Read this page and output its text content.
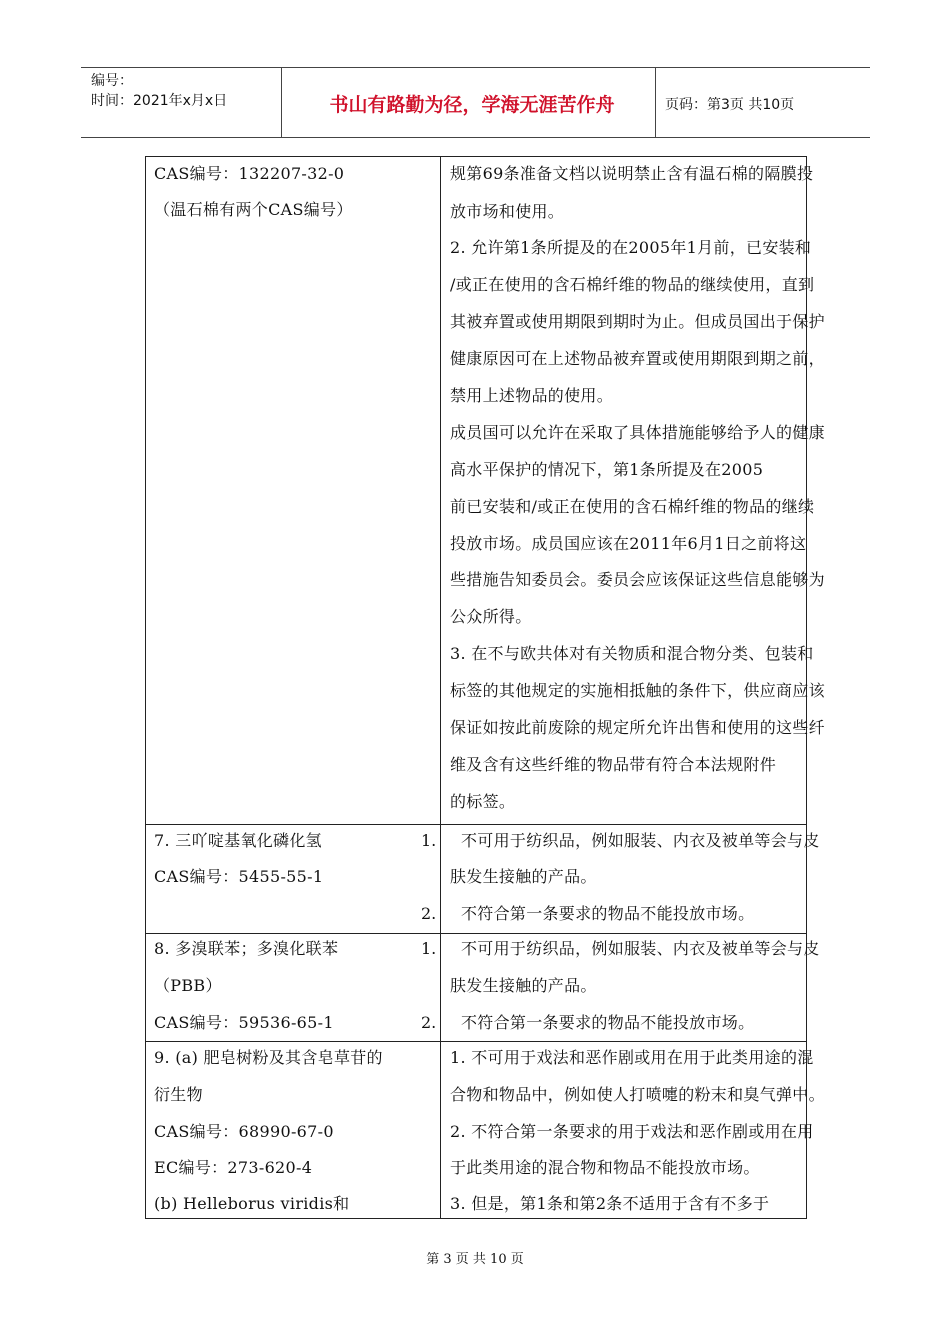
编号：
时间：2021年x月x日	书山有路勤为径，学海无涯苦作舟	页码：第3页 共10页
CAS编号：132207-32-0
（温石棉有两个CAS编号）
规第69条准备文档以说明禁止含有温石棉的隔膜投
放市场和使用。
2. 允许第1条所提及的在2005年1月前，已安装和
/或正在使用的含石棉纤维的物品的继续使用，直到
其被弃置或使用期限到期时为止。但成员国出于保护
健康原因可在上述物品被弃置或使用期限到期之前，
禁用上述物品的使用。
成员国可以允许在采取了具体措施能够给予人的健康
高水平保护的情况下，第1条所提及在2005
前已安装和/或正在使用的含石棉纤维的物品的继续
投放市场。成员国应该在2011年6月1日之前将这
些措施告知委员会。委员会应该保证这些信息能够为
公众所得。
3. 在不与欧共体对有关物质和混合物分类、包装和
标签的其他规定的实施相抵触的条件下，供应商应该
保证如按此前废除的规定所允许出售和使用的这些纤
维及含有这些纤维的物品带有符合本法规附件
的标签。
7. 三吖啶基氧化磷化氢
CAS编号：5455-55-1
1.
2.
不可用于纺织品，例如服装、内衣及被单等会与皮
肤发生接触的产品。
不符合第一条要求的物品不能投放市场。
8. 多溴联苯；多溴化联苯
（PBB）
CAS编号：59536-65-1
1.
2.
不可用于纺织品，例如服装、内衣及被单等会与皮
肤发生接触的产品。
不符合第一条要求的物品不能投放市场。
9. (a) 肥皂树粉及其含皂草苷的
衍生物
CAS编号：68990-67-0
EC编号：273-620-4
(b) Helleborus viridis和
1. 不可用于戏法和恶作剧或用在用于此类用途的混
合物和物品中，例如使人打喷嚏的粉末和臭气弹中。
2. 不符合第一条要求的用于戏法和恶作剧或用在用
于此类用途的混合物和物品不能投放市场。
3. 但是，第1条和第2条不适用于含有不多于
第 3 页 共 10 页
